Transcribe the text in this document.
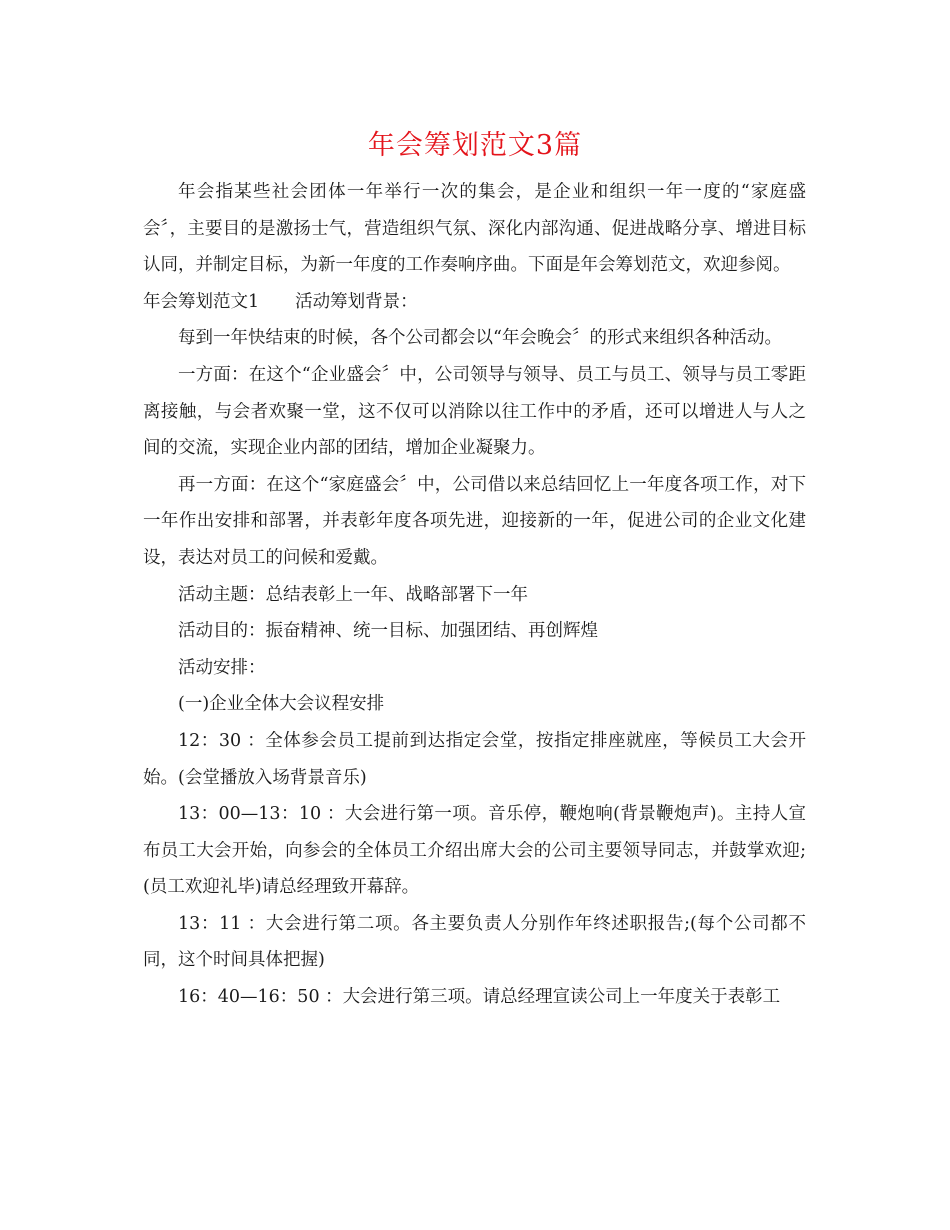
年会筹划范文3篇

年会指某些社会团体一年举行一次的集会，是企业和组织一年一度的“家庭盛会〞，主要目的是激扬士气，营造组织气氛、深化内部沟通、促进战略分享、增进目标认同，并制定目标，为新一年度的工作奏响序曲。下面是年会筹划范文，欢迎参阅。

年会筹划范文1 活动筹划背景：

每到一年快结束的时候，各个公司都会以“年会晚会〞的形式来组织各种活动。

一方面：在这个“企业盛会〞中，公司领导与领导、员工与员工、领导与员工零距离接触，与会者欢聚一堂，这不仅可以消除以往工作中的矛盾，还可以增进人与人之间的交流，实现企业内部的团结，增加企业凝聚力。

再一方面：在这个“家庭盛会〞中，公司借以来总结回忆上一年度各项工作，对下一年作出安排和部署，并表彰年度各项先进，迎接新的一年，促进公司的企业文化建设，表达对员工的问候和爱戴。

活动主题：总结表彰上一年、战略部署下一年

活动目的：振奋精神、统一目标、加强团结、再创辉煌

活动安排：

(一)企业全体大会议程安排

12：30 ：全体参会员工提前到达指定会堂，按指定排座就座，等候员工大会开始。(会堂播放入场背景音乐)

13：00—13：10 ：大会进行第一项。音乐停，鞭炮响(背景鞭炮声)。主持人宣布员工大会开始，向参会的全体员工介绍出席大会的公司主要领导同志，并鼓掌欢迎;(员工欢迎礼毕)请总经理致开幕辞。

13：11 ：大会进行第二项。各主要负责人分别作年终述职报告;(每个公司都不同，这个时间具体把握)

16：40—16：50 ：大会进行第三项。请总经理宣读公司上一年度关于表彰工
